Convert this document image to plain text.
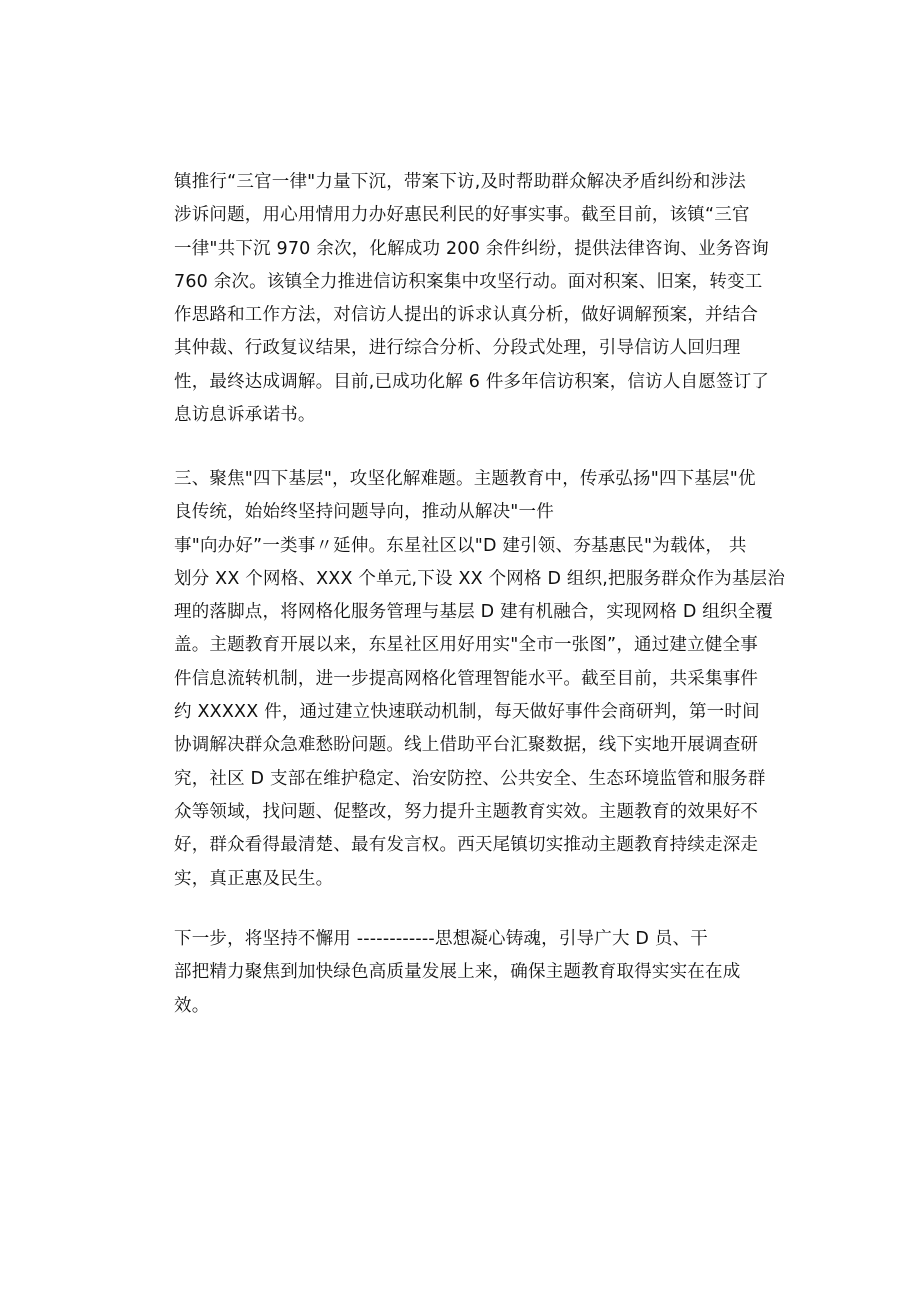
镇推行“三官一律"力量下沉，带案下访,及时帮助群众解决矛盾纠纷和涉法
涉诉问题，用心用情用力办好惠民利民的好事实事。截至目前，该镇“三官
一律"共下沉 970 余次，化解成功 200 余件纠纷，提供法律咨询、业务咨询
760 余次。该镇全力推进信访积案集中攻坚行动。面对积案、旧案，转变工
作思路和工作方法，对信访人提出的诉求认真分析，做好调解预案，并结合
其仲裁、行政复议结果，进行综合分析、分段式处理，引导信访人回归理
性，最终达成调解。目前,已成功化解 6 件多年信访积案，信访人自愿签订了
息访息诉承诺书。
三、聚焦"四下基层"，攻坚化解难题。主题教育中，传承弘扬"四下基层"优
良传统，始始终坚持问题导向，推动从解决"一件
事"向办好”一类事〃延伸。东星社区以"D 建引领、夯基惠民"为载体， 共
划分 XX 个网格、XXX 个单元,下设 XX 个网格 D 组织,把服务群众作为基层治
理的落脚点，将网格化服务管理与基层 D 建有机融合，实现网格 D 组织全覆
盖。主题教育开展以来，东星社区用好用实"全市一张图”，通过建立健全事
件信息流转机制，进一步提高网格化管理智能水平。截至目前，共采集事件
约 XXXXX 件，通过建立快速联动机制，每天做好事件会商研判，第一时间
协调解决群众急难愁盼问题。线上借助平台汇聚数据，线下实地开展调查研
究，社区 D 支部在维护稳定、治安防控、公共安全、生态环境监管和服务群
众等领域，找问题、促整改，努力提升主题教育实效。主题教育的效果好不
好，群众看得最清楚、最有发言权。西天尾镇切实推动主题教育持续走深走
实，真正惠及民生。
下一步，将坚持不懈用 ------------思想凝心铸魂，引导广大 D 员、干
部把精力聚焦到加快绿色高质量发展上来，确保主题教育取得实实在在成
效。
